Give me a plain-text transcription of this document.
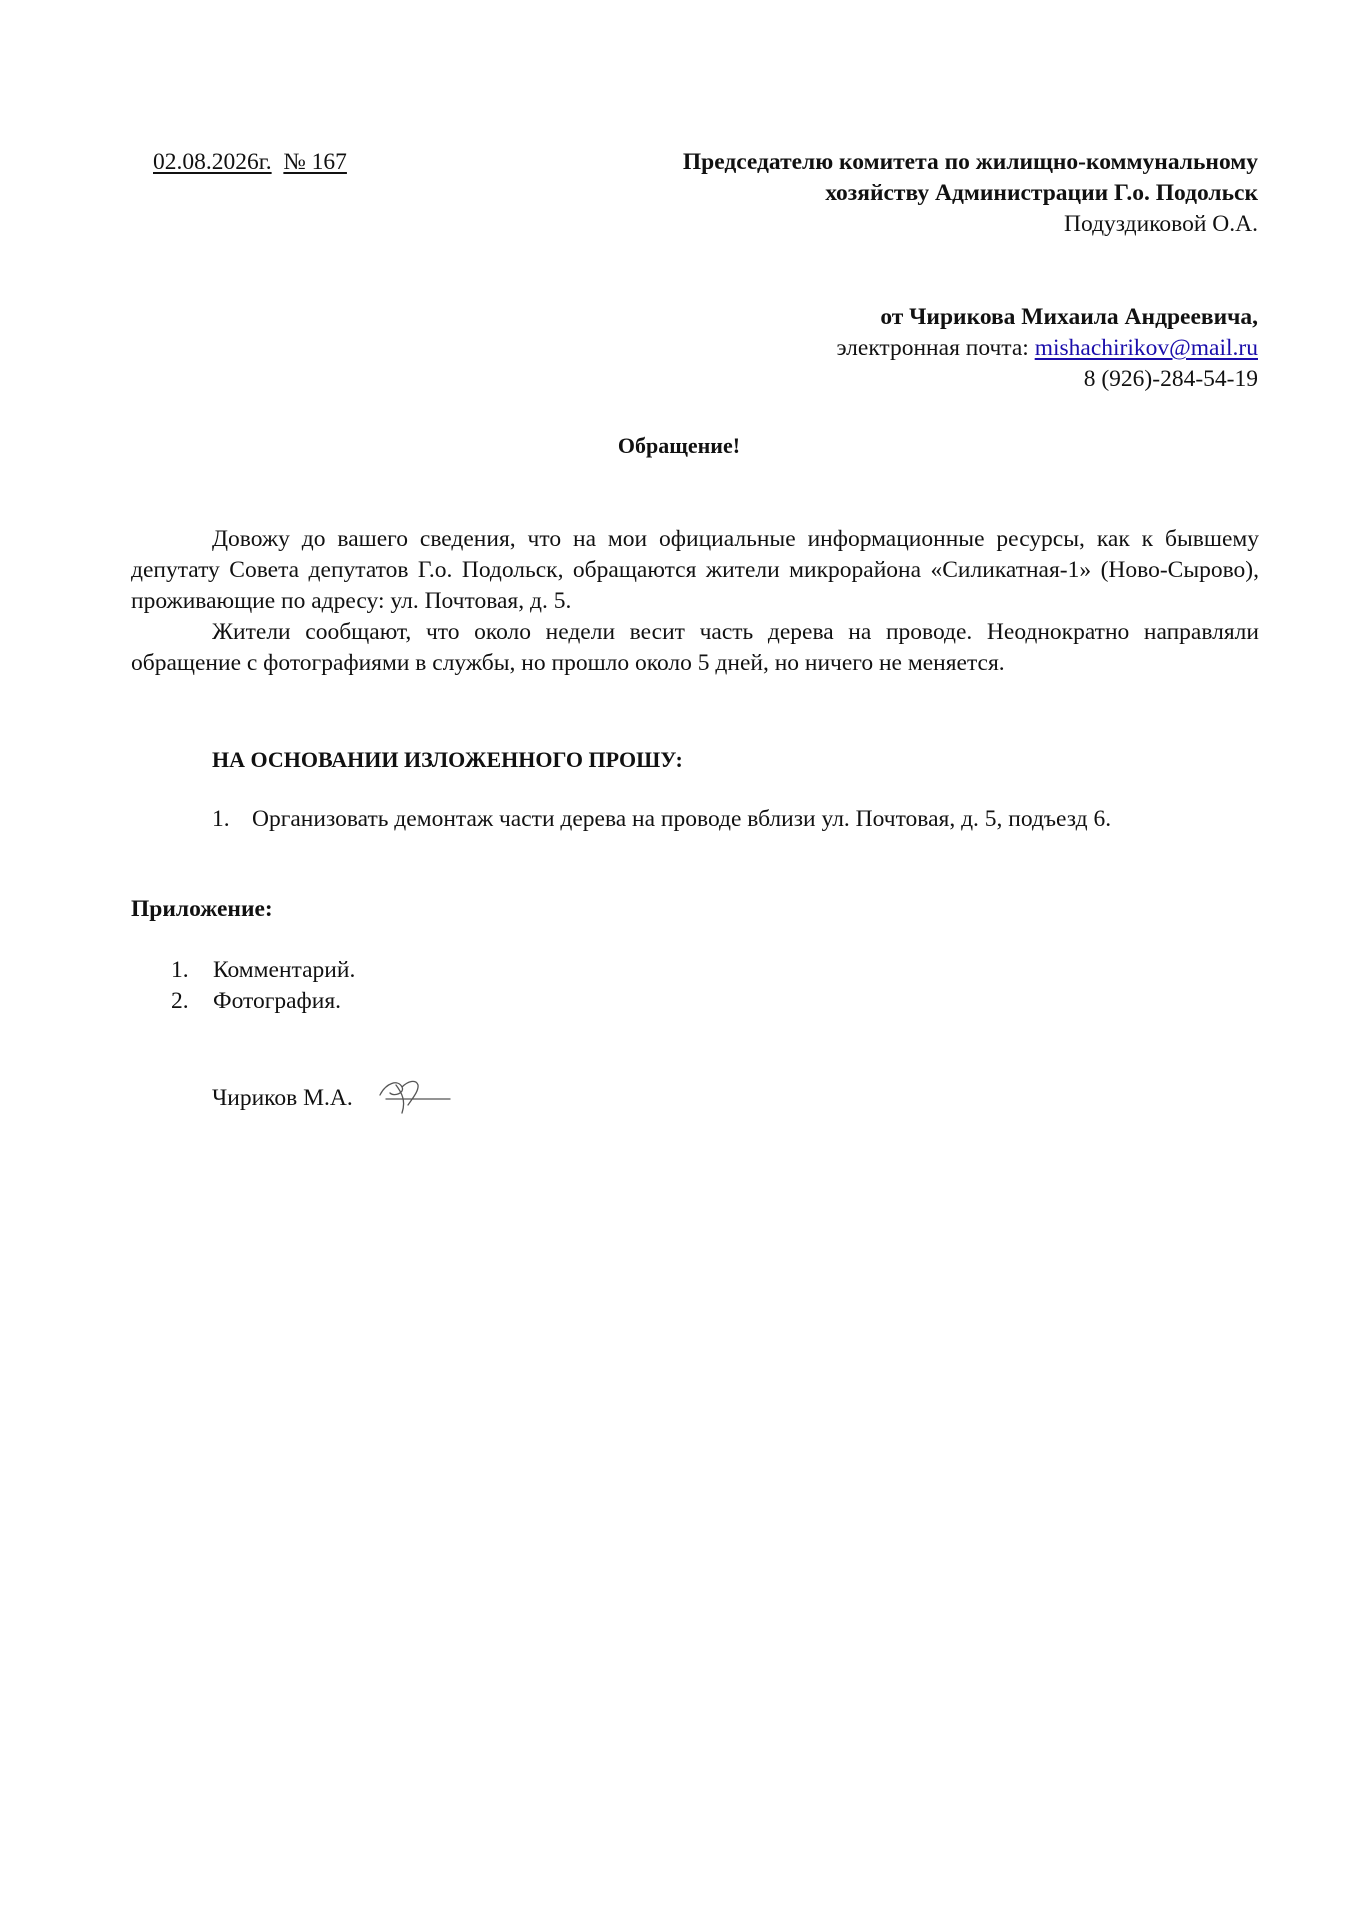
02.08.2026г. № 167	Председателю комитета по жилищно-коммунальному
хозяйству Администрации Г.о. Подольск
Подуздиковой О.А.
от Чирикова Михаила Андреевича,
электронная почта: mishachirikov@mail.ru
8 (926)-284-54-19
Обращение!

Довожу до вашего сведения, что на мои официальные информационные ресурсы, как к бывшему депутату Совета депутатов Г.о. Подольск, обращаются жители микрорайона «Силикатная-1» (Ново-Сырово), проживающие по адресу: ул. Почтовая, д. 5.

Жители сообщают, что около недели весит часть дерева на проводе. Неоднократно направляли обращение с фотографиями в службы, но прошло около 5 дней, но ничего не меняется.

НА ОСНОВАНИИ ИЗЛОЖЕННОГО ПРОШУ:
1. Организовать демонтаж части дерева на проводе вблизи ул. Почтовая, д. 5, подъезд 6.
Приложение:
1. Комментарий.
2. Фотография.
Чириков М.А.
